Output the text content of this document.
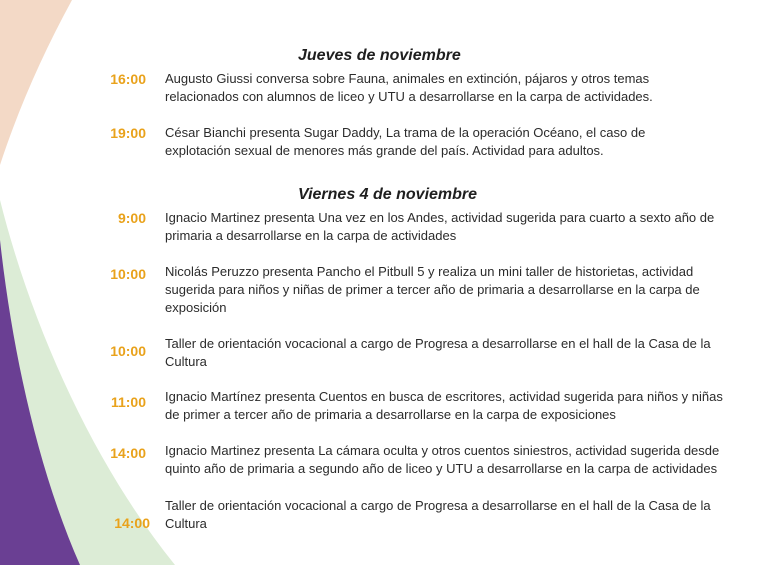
Jueves de noviembre
16:00 Augusto Giussi conversa sobre Fauna, animales en extinción, pájaros y otros temas
relacionados con alumnos de liceo y UTU a desarrollarse en la carpa de actividades.
19:00 César Bianchi presenta Sugar Daddy, La trama de la operación Océano, el caso de
explotación sexual de menores más grande del país. Actividad para adultos.
Viernes 4 de noviembre
9:00 Ignacio Martinez presenta Una vez en los Andes, actividad sugerida para cuarto a sexto año de
primaria a desarrollarse en la carpa de actividades
10:00 Nicolás Peruzzo presenta Pancho el Pitbull 5 y realiza un mini taller de historietas, actividad
sugerida para niños y niñas de primer a tercer año de primaria a desarrollarse en la carpa de
exposición
10:00 Taller de orientación vocacional a cargo de Progresa a desarrollarse en el hall de la Casa de la
Cultura
11:00 Ignacio Martínez presenta Cuentos en busca de escritores, actividad sugerida para niños y niñas
de primer a tercer año de primaria a desarrollarse en la carpa de exposiciones
14:00 Ignacio Martinez presenta La cámara oculta y otros cuentos siniestros, actividad sugerida desde
quinto año de primaria a segundo año de liceo y UTU a desarrollarse en la carpa de actividades
14:00
Taller de orientación vocacional a cargo de Progresa a desarrollarse en el hall de la Casa de la
Cultura
